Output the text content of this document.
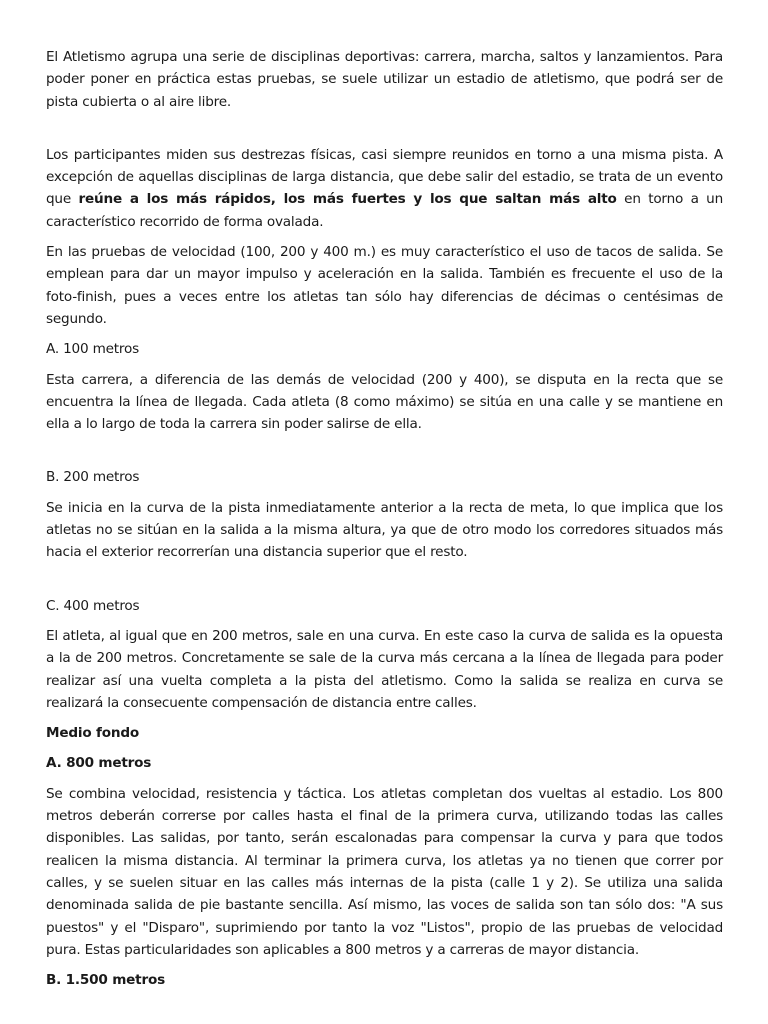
El Atletismo agrupa una serie de disciplinas deportivas: carrera, marcha, saltos y lanzamientos. Para poder poner en práctica estas pruebas, se suele utilizar un estadio de atletismo, que podrá ser de pista cubierta o al aire libre.

Los participantes miden sus destrezas físicas, casi siempre reunidos en torno a una misma pista. A excepción de aquellas disciplinas de larga distancia, que debe salir del estadio, se trata de un evento que reúne a los más rápidos, los más fuertes y los que saltan más alto en torno a un característico recorrido de forma ovalada.

En las pruebas de velocidad (100, 200 y 400 m.) es muy característico el uso de tacos de salida. Se emplean para dar un mayor impulso y aceleración en la salida. También es frecuente el uso de la foto-finish, pues a veces entre los atletas tan sólo hay diferencias de décimas o centésimas de segundo.

A. 100 metros

Esta carrera, a diferencia de las demás de velocidad (200 y 400), se disputa en la recta que se encuentra la línea de llegada. Cada atleta (8 como máximo) se sitúa en una calle y se mantiene en ella a lo largo de toda la carrera sin poder salirse de ella.

B. 200 metros

Se inicia en la curva de la pista inmediatamente anterior a la recta de meta, lo que implica que los atletas no se sitúan en la salida a la misma altura, ya que de otro modo los corredores situados más hacia el exterior recorrerían una distancia superior que el resto.

C. 400 metros

El atleta, al igual que en 200 metros, sale en una curva. En este caso la curva de salida es la opuesta a la de 200 metros. Concretamente se sale de la curva más cercana a la línea de llegada para poder realizar así una vuelta completa a la pista del atletismo. Como la salida se realiza en curva se realizará la consecuente compensación de distancia entre calles.

Medio fondo

A. 800 metros

Se combina velocidad, resistencia y táctica. Los atletas completan dos vueltas al estadio. Los 800 metros deberán correrse por calles hasta el final de la primera curva, utilizando todas las calles disponibles. Las salidas, por tanto, serán escalonadas para compensar la curva y para que todos realicen la misma distancia. Al terminar la primera curva, los atletas ya no tienen que correr por calles, y se suelen situar en las calles más internas de la pista (calle 1 y 2). Se utiliza una salida denominada salida de pie bastante sencilla. Así mismo, las voces de salida son tan sólo dos: "A sus puestos" y el "Disparo", suprimiendo por tanto la voz "Listos", propio de las pruebas de velocidad pura. Estas particularidades son aplicables a 800 metros y a carreras de mayor distancia.

B. 1.500 metros
